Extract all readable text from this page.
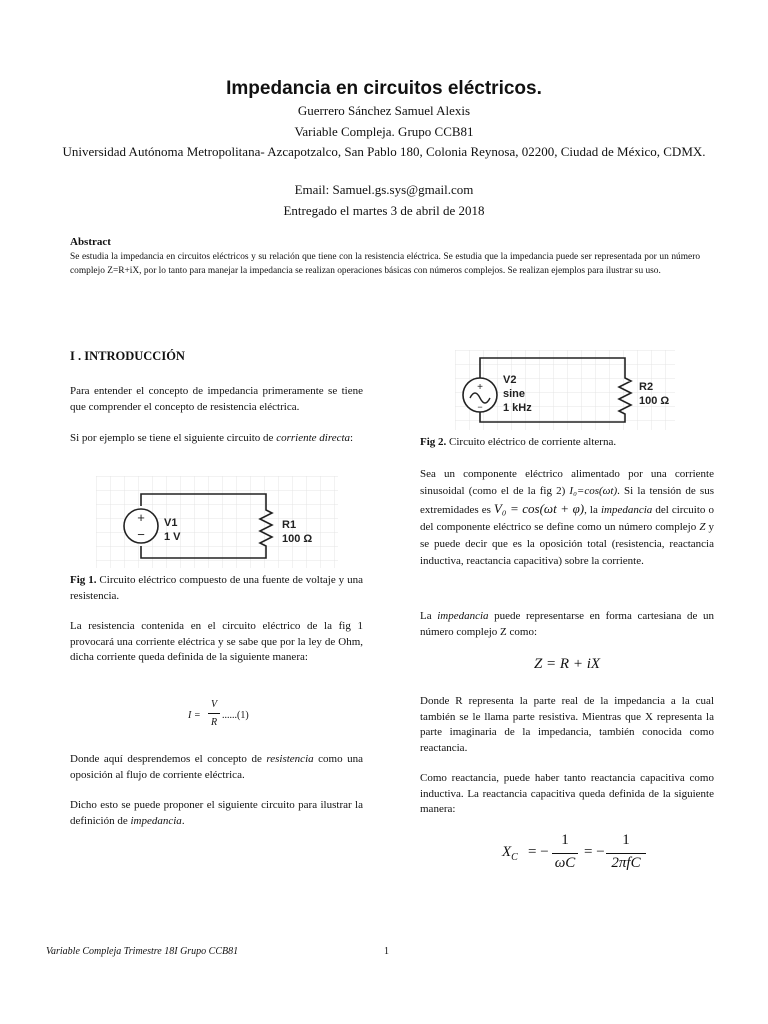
Impedancia en circuitos eléctricos.
Guerrero Sánchez Samuel Alexis
Variable Compleja. Grupo CCB81
Universidad Autónoma Metropolitana- Azcapotzalco, San Pablo 180, Colonia Reynosa, 02200, Ciudad de México, CDMX.
Email: Samuel.gs.sys@gmail.com
Entregado el martes 3 de abril de 2018
Abstract
Se estudia la impedancia en circuitos eléctricos y su relación que tiene con la resistencia eléctrica. Se estudia que la impedancia puede ser representada por un número complejo Z=R+iX, por lo tanto para manejar la impedancia se realizan operaciones básicas con números complejos. Se realizan ejemplos para ilustrar su uso.
I . INTRODUCCIÓN
Para entender el concepto de impedancia primeramente se tiene que comprender el concepto de resistencia eléctrica.
Si por ejemplo se tiene el siguiente circuito de corriente directa:
+
−
V1
1 V
R1
100 Ω
Fig 1. Circuito eléctrico compuesto de una fuente de voltaje y una resistencia.
La resistencia contenida en el circuito eléctrico de la fig 1 provocará una corriente eléctrica y se sabe que por la ley de Ohm, dicha corriente queda definida de la siguiente manera:
I =
V
R
......(1)
Donde aquí desprendemos el concepto de resistencia como una oposición al flujo de corriente eléctrica.
Dicho esto se puede proponer el siguiente circuito para ilustrar la definición de impedancia.
+
−
V2
sine
1 kHz
R2
100 Ω
Fig 2. Circuito eléctrico de corriente alterna.
Sea un componente eléctrico alimentado por una corriente sinusoidal (como el de la fig 2) I₀=cos(ωt). Si la tensión de sus extremidades es V₀ = cos(ωt + φ), la impedancia del circuito o del componente eléctrico se define como un número complejo Z y se puede decir que es la oposición total (resistencia, reactancia inductiva, reactancia capacitiva) sobre la corriente.
La impedancia puede representarse en forma cartesiana de un número complejo Z como:
Z = R + iX
Donde R representa la parte real de la impedancia a la cual también se le llama parte resistiva. Mientras que X representa la parte imaginaria de la impedancia, también conocida como reactancia.
Como reactancia, puede haber tanto reactancia capacitiva como inductiva. La reactancia capacitiva queda definida de la siguiente manera:
$X_C$ = −
1
ωC
= −
1
2πfC
Variable Compleja Trimestre 18I Grupo CCB81	1
